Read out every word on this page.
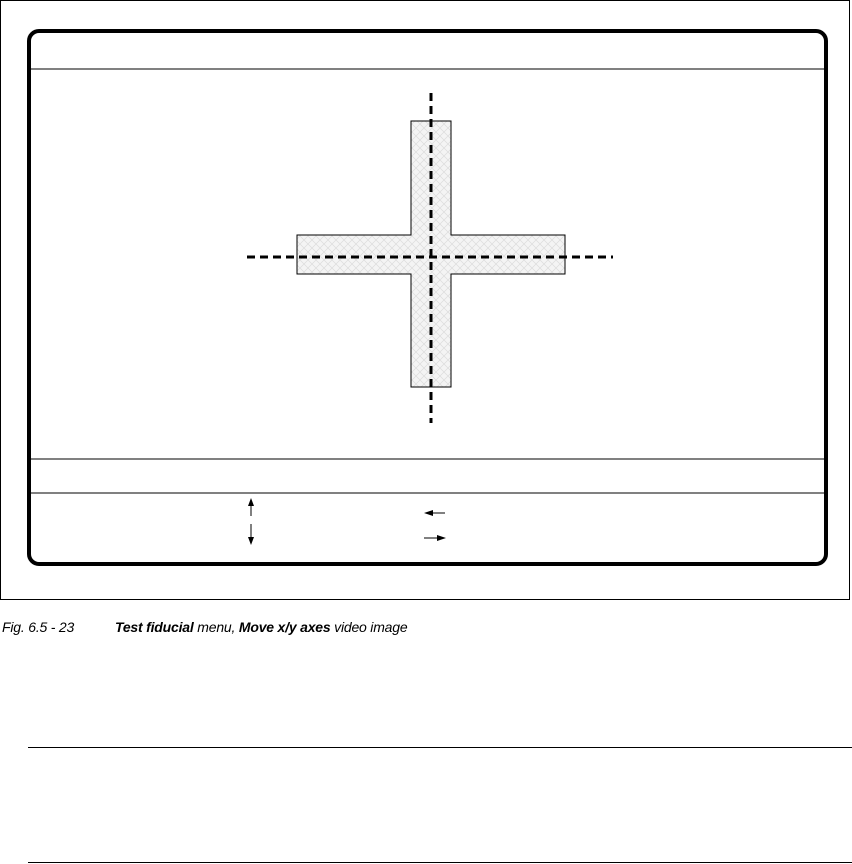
Fig. 6.5 - 23	Test fiducial menu, Move x/y axes video image
